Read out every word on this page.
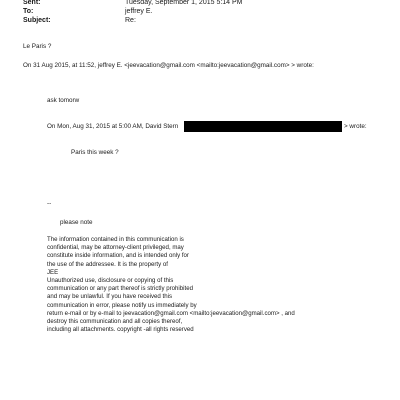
Sent:	Tuesday, September 1, 2015 5:14 PM
To:	jeffrey E.
Subject:	Re:
Le Paris ?
On 31 Aug 2015, at 11:52, jeffrey E. <jeevacation@gmail.com <mailto:jeevacation@gmail.com> > wrote:
ask tomorw
On Mon, Aug 31, 2015 at 5:00 AM, David Stern	> wrote:
Paris this week ?
--
please note
The information contained in this communication is
confidential, may be attorney-client privileged, may
constitute inside information, and is intended only for
the use of the addressee. It is the property of
JEE
Unauthorized use, disclosure or copying of this
communication or any part thereof is strictly prohibited
and may be unlawful. If you have received this
communication in error, please notify us immediately by
return e-mail or by e-mail to jeevacation@gmail.com <mailto:jeevacation@gmail.com> , and
destroy this communication and all copies thereof,
including all attachments. copyright -all rights reserved
